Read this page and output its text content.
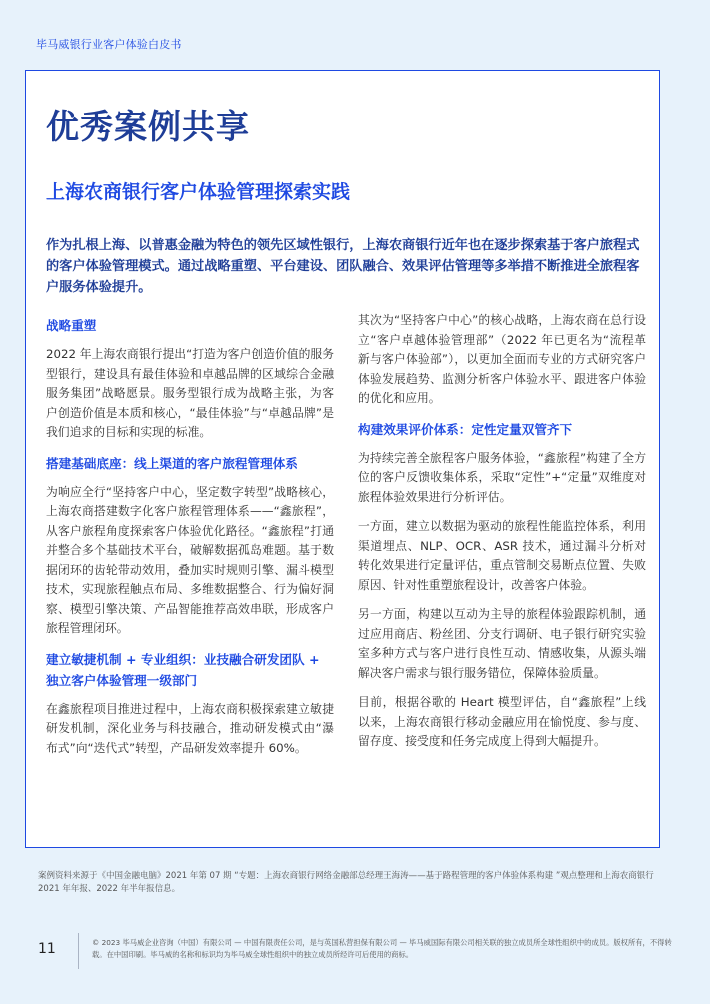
毕马威银行业客户体验白皮书
优秀案例共享
上海农商银行客户体验管理探索实践

作为扎根上海、以普惠金融为特色的领先区域性银行，上海农商银行近年也在逐步探索基于客户旅程式的客户体验管理模式。通过战略重塑、平台建设、团队融合、效果评估管理等多举措不断推进全旅程客户服务体验提升。

战略重塑

2022 年上海农商银行提出“打造为客户创造价值的服务型银行，建设具有最佳体验和卓越品牌的区域综合金融服务集团”战略愿景。服务型银行成为战略主张，为客户创造价值是本质和核心，“最佳体验”与“卓越品牌”是我们追求的目标和实现的标准。

搭建基础底座：线上渠道的客户旅程管理体系

为响应全行“坚持客户中心，坚定数字转型”战略核心，上海农商搭建数字化客户旅程管理体系——“鑫旅程”，从客户旅程角度探索客户体验优化路径。“鑫旅程”打通并整合多个基础技术平台，破解数据孤岛难题。基于数据闭环的齿轮带动效用，叠加实时规则引擎、漏斗模型技术，实现旅程触点布局、多维数据整合、行为偏好洞察、模型引擎决策、产品智能推荐高效串联，形成客户旅程管理闭环。

建立敏捷机制 + 专业组织：业技融合研发团队 + 独立客户体验管理一级部门

在鑫旅程项目推进过程中，上海农商积极探索建立敏捷研发机制，深化业务与科技融合，推动研发模式由“瀑布式”向“迭代式”转型，产品研发效率提升 60%。

其次为“坚持客户中心”的核心战略，上海农商在总行设立“客户卓越体验管理部”（2022 年已更名为“流程革新与客户体验部”），以更加全面而专业的方式研究客户体验发展趋势、监测分析客户体验水平、跟进客户体验的优化和应用。

构建效果评价体系：定性定量双管齐下

为持续完善全旅程客户服务体验，“鑫旅程”构建了全方位的客户反馈收集体系，采取“定性”+“定量”双维度对旅程体验效果进行分析评估。

一方面，建立以数据为驱动的旅程性能监控体系，利用渠道埋点、NLP、OCR、ASR 技术，通过漏斗分析对转化效果进行定量评估，重点管制交易断点位置、失败原因、针对性重塑旅程设计，改善客户体验。

另一方面，构建以互动为主导的旅程体验跟踪机制，通过应用商店、粉丝团、分支行调研、电子银行研究实验室多种方式与客户进行良性互动、情感收集，从源头端解决客户需求与银行服务错位，保障体验质量。

目前，根据谷歌的 Heart 模型评估，自“鑫旅程”上线以来，上海农商银行移动金融应用在愉悦度、参与度、留存度、接受度和任务完成度上得到大幅提升。

案例资料来源于《中国金融电脑》2021 年第 07 期 “专题：上海农商银行网络金融部总经理王海涛——基于路程管理的客户体验体系构建 ”观点整理和上海农商银行 2021 年年报、2022 年半年报信息。

11	© 2023 毕马威企业咨询（中国）有限公司 — 中国有限责任公司，是与英国私营担保有限公司 — 毕马威国际有限公司相关联的独立成员所全球性组织中的成员。版权所有，不得转载。在中国印刷。毕马威的名称和标识均为毕马威全球性组织中的独立成员所经许可后使用的商标。
